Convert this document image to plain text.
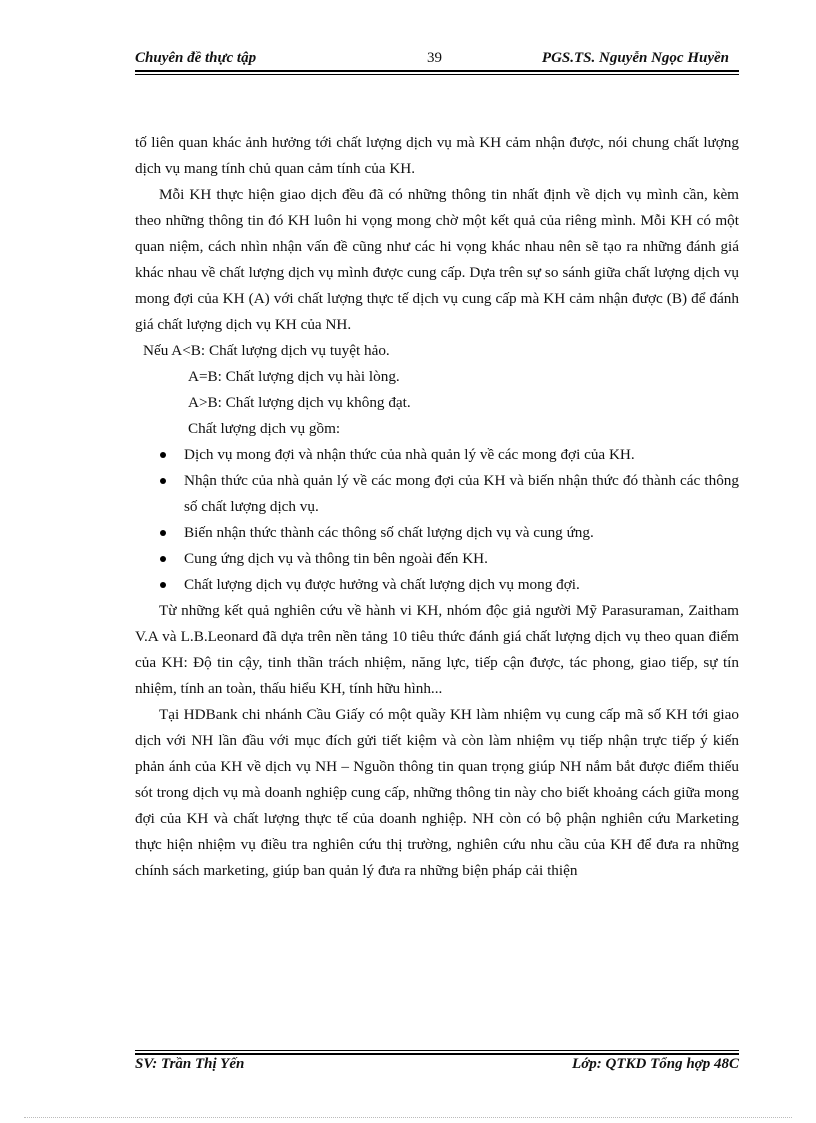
Chuyên đề thực tập	39	PGS.TS. Nguyễn Ngọc Huyền

tố liên quan khác ảnh hưởng tới chất lượng dịch vụ mà KH cảm nhận được, nói chung chất lượng dịch vụ mang tính chủ quan cảm tính của KH.

Mỗi KH thực hiện giao dịch đều đã có những thông tin nhất định về dịch vụ mình cần, kèm theo những thông tin đó KH luôn hi vọng mong chờ một kết quả của riêng mình. Mỗi KH có một quan niệm, cách nhìn nhận vấn đề cũng như các hi vọng khác nhau nên sẽ tạo ra những đánh giá khác nhau về chất lượng dịch vụ mình được cung cấp. Dựa trên sự so sánh giữa chất lượng dịch vụ mong đợi của KH (A) với chất lượng thực tế dịch vụ cung cấp mà KH cảm nhận được (B) để đánh giá chất lượng dịch vụ KH của NH.

Nếu A<B: Chất lượng dịch vụ tuyệt hảo.

A=B: Chất lượng dịch vụ hài lòng.

A>B: Chất lượng dịch vụ không đạt.

Chất lượng dịch vụ gồm:

Dịch vụ mong đợi và nhận thức của nhà quản lý về các mong đợi của KH.
Nhận thức của nhà quản lý về các mong đợi của KH và biến nhận thức đó thành các thông số chất lượng dịch vụ.
Biến nhận thức thành các thông số chất lượng dịch vụ và cung ứng.
Cung ứng dịch vụ và thông tin bên ngoài đến KH.
Chất lượng dịch vụ được hưởng và chất lượng dịch vụ mong đợi.

Từ những kết quả nghiên cứu về hành vi KH, nhóm độc giả người Mỹ Parasuraman, Zaitham V.A và L.B.Leonard đã dựa trên nền tảng 10 tiêu thức đánh giá chất lượng dịch vụ theo quan điểm của KH: Độ tin cậy, tinh thần trách nhiệm, năng lực, tiếp cận được, tác phong, giao tiếp, sự tín nhiệm, tính an toàn, thấu hiểu KH, tính hữu hình...

Tại HDBank chi nhánh Cầu Giấy có một quầy KH làm nhiệm vụ cung cấp mã số KH tới giao dịch với NH lần đầu với mục đích gửi tiết kiệm và còn làm nhiệm vụ tiếp nhận trực tiếp ý kiến phản ánh của KH về dịch vụ NH – Nguồn thông tin quan trọng giúp NH nắm bắt được điểm thiếu sót trong dịch vụ mà doanh nghiệp cung cấp, những thông tin này cho biết khoảng cách giữa mong đợi của KH và chất lượng thực tế của doanh nghiệp. NH còn có bộ phận nghiên cứu Marketing thực hiện nhiệm vụ điều tra nghiên cứu thị trường, nghiên cứu nhu cầu của KH để đưa ra những chính sách marketing, giúp ban quản lý đưa ra những biện pháp cải thiện

SV: Trần Thị Yến	Lớp: QTKD Tổng hợp 48C
